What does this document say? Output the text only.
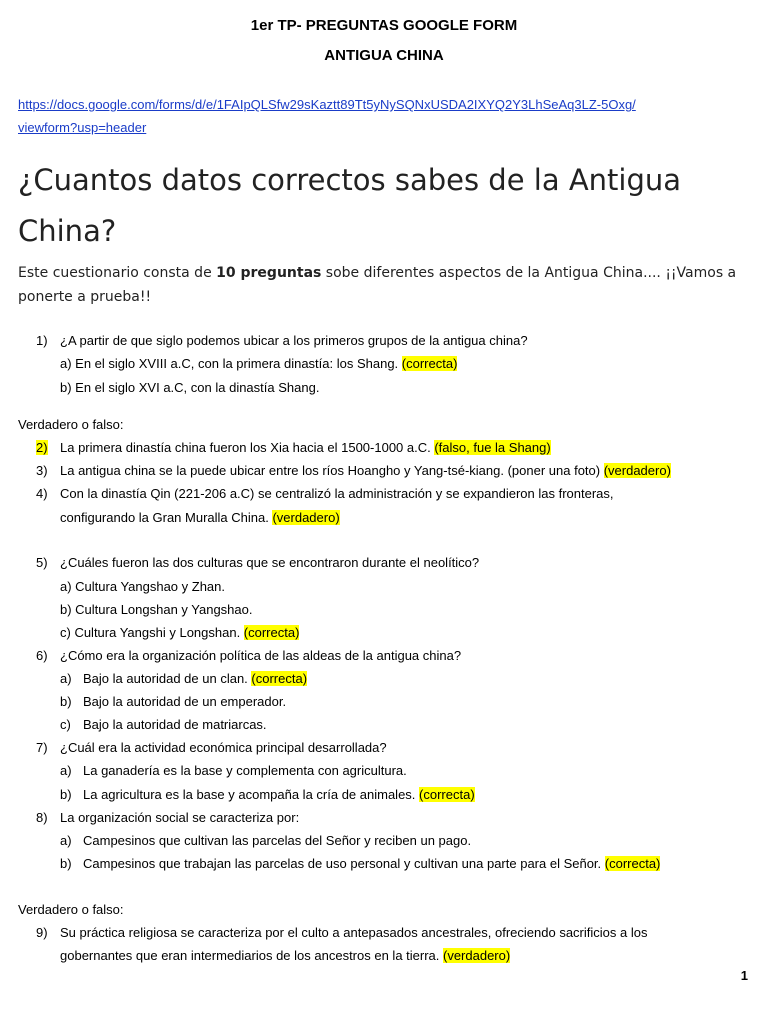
1er TP- PREGUNTAS GOOGLE FORM
ANTIGUA CHINA
https://docs.google.com/forms/d/e/1FAIpQLSfw29sKaztt89Tt5yNySQNxUSDA2IXYQ2Y3LhSeAq3LZ-5Oxg/
viewform?usp=header
¿Cuantos datos correctos sabes de la Antigua
China?
Este cuestionario consta de 10 preguntas sobe diferentes aspectos de la Antigua China.... ¡¡Vamos a ponerte a prueba!!
1) ¿A partir de que siglo podemos ubicar a los primeros grupos de la antigua china?
a) En el siglo XVIII a.C, con la primera dinastía: los Shang. (correcta)
b) En el siglo XVI a.C, con la dinastía Shang.
Verdadero o falso:
2) La primera dinastía china fueron los Xia hacia el 1500-1000 a.C. (falso, fue la Shang)
3) La antigua china se la puede ubicar entre los ríos Hoangho y Yang-tsé-kiang. (poner una foto) (verdadero)
4) Con la dinastía Qin (221-206 a.C) se centralizó la administración y se expandieron las fronteras,
configurando la Gran Muralla China. (verdadero)
5) ¿Cuáles fueron las dos culturas que se encontraron durante el neolítico?
a) Cultura Yangshao y Zhan.
b) Cultura Longshan y Yangshao.
c) Cultura Yangshi y Longshan. (correcta)
6) ¿Cómo era la organización política de las aldeas de la antigua china?
a) Bajo la autoridad de un clan. (correcta)
b) Bajo la autoridad de un emperador.
c) Bajo la autoridad de matriarcas.
7) ¿Cuál era la actividad económica principal desarrollada?
a) La ganadería es la base y complementa con agricultura.
b) La agricultura es la base y acompaña la cría de animales. (correcta)
8) La organización social se caracteriza por:
a) Campesinos que cultivan las parcelas del Señor y reciben un pago.
b) Campesinos que trabajan las parcelas de uso personal y cultivan una parte para el Señor. (correcta)
Verdadero o falso:
9) Su práctica religiosa se caracteriza por el culto a antepasados ancestrales, ofreciendo sacrificios a los
gobernantes que eran intermediarios de los ancestros en la tierra. (verdadero)
1
